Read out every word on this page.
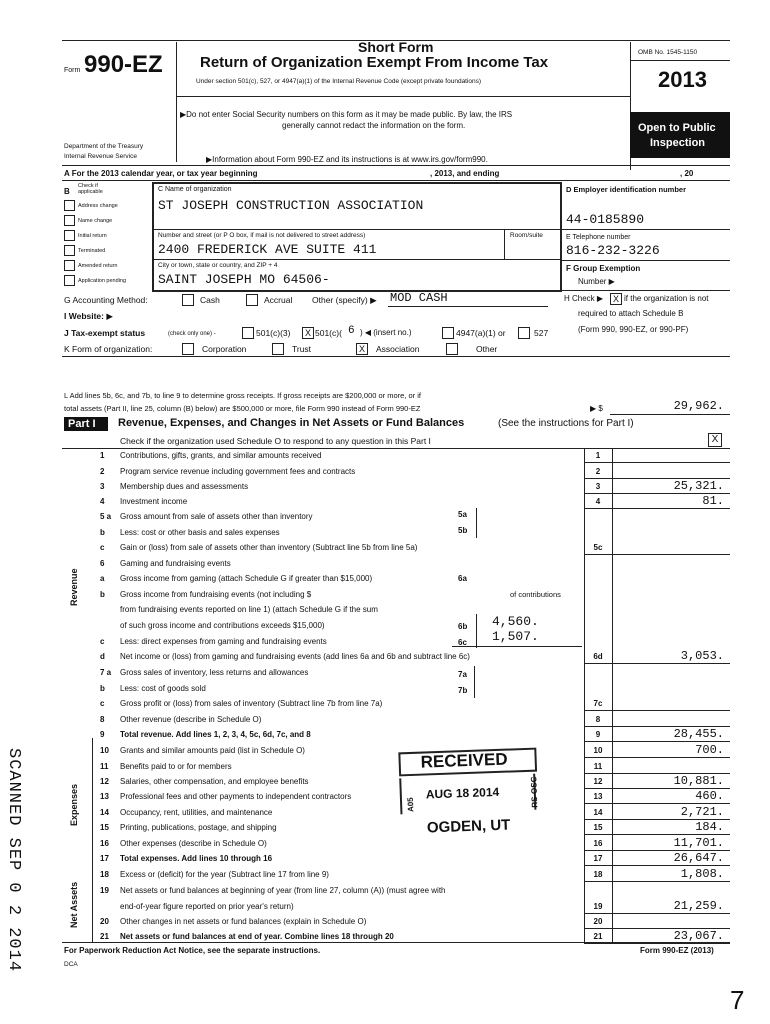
Form 990-EZ
Short Form
Return of Organization Exempt From Income Tax
Under section 501(c), 527, or 4947(a)(1) of the Internal Revenue Code (except private foundations)
▶Do not enter Social Security numbers on this form as it may be made public. By law, the IRS
generally cannot redact the information on the form.
▶Information about Form 990-EZ and its instructions is at www.irs.gov/form990.
Department of the Treasury
Internal Revenue Service
OMB No. 1545-1150
2013
Open to Public
Inspection
A For the 2013 calendar year, or tax year beginning	, 2013, and ending	, 20
B
Check if applicable
Address change
Name change
Initial return
Terminated
Amended return
Application pending
C Name of organization
ST JOSEPH CONSTRUCTION ASSOCIATION
Number and street (or P O box, if mail is not delivered to street address)	Room/suite
2400 FREDERICK AVE SUITE 411
City or town, state or country, and ZIP + 4
SAINT JOSEPH MO 64506-
D Employer identification number
44-0185890
E Telephone number
816-232-3226
F Group Exemption
Number ▶
H Check ▶	X if the organization is not
required to attach Schedule B
(Form 990, 990-EZ, or 990-PF)
G Accounting Method:	Cash	Accrual Other (specify) ▶ MOD CASH
I Website: ▶
J Tax-exempt status	(check only one) -	501(c)(3)	X 501(c)( 6 ) ◀ (insert no.)	4947(a)(1) or	527
K Form of organization:	Corporation	Trust	X	Association	Other
L Add lines 5b, 6c, and 7b, to line 9 to determine gross receipts. If gross receipts are $200,000 or more, or if
total assets (Part II, line 25, column (B) below) are $500,000 or more, file Form 990 instead of Form 990-EZ	▶ $	29,962.
Part I Revenue, Expenses, and Changes in Net Assets or Fund Balances	(See the instructions for Part I)
Check if the organization used Schedule O to respond to any question in this Part I	X
1	Contributions, gifts, grants, and similar amounts received	1
2	Program service revenue including government fees and contracts	2
3	Membership dues and assessments	3	25,321.
4	Investment income	4	81.
5 a	Gross amount from sale of assets other than inventory
b	Less: cost or other basis and sales expenses
c	Gain or (loss) from sale of assets other than inventory (Subtract line 5b from line 5a)	5c
6	Gaming and fundraising events
a	Gross income from gaming (attach Schedule G if greater than $15,000)
b	Gross income from fundraising events (not including $
from fundraising events reported on line 1) (attach Schedule G if the sum
of such gross income and contributions exceeds $15,000)
c	Less: direct expenses from gaming and fundraising events
d	Net income or (loss) from gaming and fundraising events (add lines 6a and 6b and subtract line 6c)	6d	3,053.
7 a	Gross sales of inventory, less returns and allowances
b	Less: cost of goods sold
c	Gross profit or (loss) from sales of inventory (Subtract line 7b from line 7a)	7c
8	Other revenue (describe in Schedule O)	8
9	Total revenue. Add lines 1, 2, 3, 4, 5c, 6d, 7c, and 8	9	28,455.
10	Grants and similar amounts paid (list in Schedule O)	10	700.
11	Benefits paid to or for members	11
12	Salaries, other compensation, and employee benefits	12	10,881.
13	Professional fees and other payments to independent contractors	13	460.
14	Occupancy, rent, utilities, and maintenance	14	2,721.
15	Printing, publications, postage, and shipping	15	184.
16	Other expenses (describe in Schedule O)	16	11,701.
17	Total expenses. Add lines 10 through 16	17	26,647.
18	Excess or (deficit) for the year (Subtract line 17 from line 9)	18	1,808.
19	Net assets or fund balances at beginning of year (from line 27, column (A)) (must agree with
end-of-year figure reported on prior year's return)	19	21,259.
20	Other changes in net assets or fund balances (explain in Schedule O)	20
21	Net assets or fund balances at end of year. Combine lines 18 through 20	21	23,067.
5a
5b
6a
of contributions
6b 4,560.
6c 1,507.
7a
7b
Revenue
Expenses
Net Assets
SCANNED SEP 0 2 2014	RECEIVED
AUG 18 2014
A05	RS-OSC
OGDEN, UT
For Paperwork Reduction Act Notice, see the separate instructions.	Form 990-EZ (2013)
DCA
7
